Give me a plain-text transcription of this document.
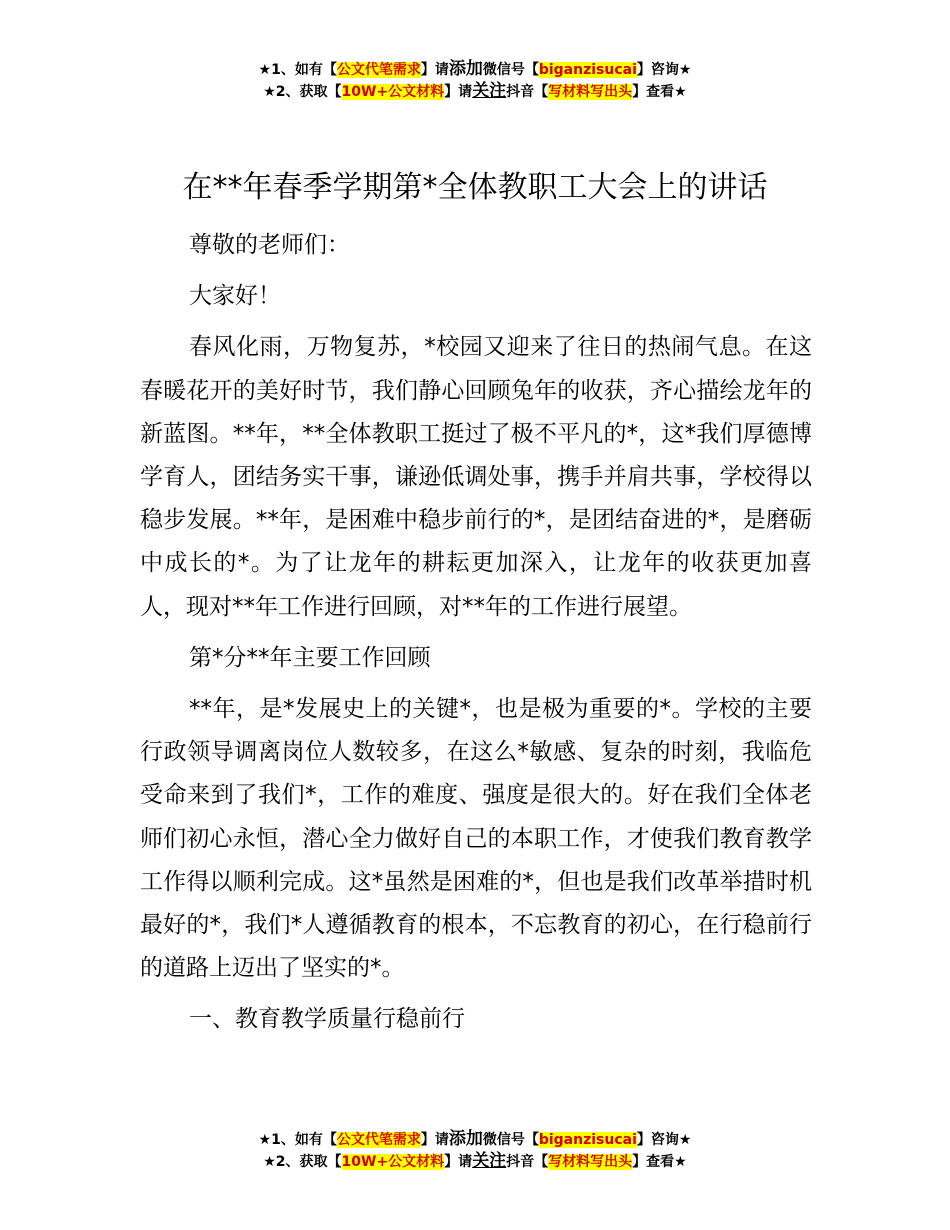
★1、如有【公文代笔需求】请添加微信号【biganzisucai】咨询★
★2、获取【10W+公文材料】请关注抖音【写材料写出头】查看★
在**年春季学期第*全体教职工大会上的讲话

尊敬的老师们：

大家好！

春风化雨，万物复苏，*校园又迎来了往日的热闹气息。在这春暖花开的美好时节，我们静心回顾兔年的收获，齐心描绘龙年的新蓝图。**年，**全体教职工挺过了极不平凡的*，这*我们厚德博学育人，团结务实干事，谦逊低调处事，携手并肩共事，学校得以稳步发展。**年，是困难中稳步前行的*，是团结奋进的*，是磨砺中成长的*。为了让龙年的耕耘更加深入，让龙年的收获更加喜人，现对**年工作进行回顾，对**年的工作进行展望。

第*分**年主要工作回顾

**年，是*发展史上的关键*，也是极为重要的*。学校的主要行政领导调离岗位人数较多，在这么*敏感、复杂的时刻，我临危受命来到了我们*，工作的难度、强度是很大的。好在我们全体老师们初心永恒，潜心全力做好自己的本职工作，才使我们教育教学工作得以顺利完成。这*虽然是困难的*，但也是我们改革举措时机最好的*，我们*人遵循教育的根本，不忘教育的初心，在行稳前行的道路上迈出了坚实的*。

一、教育教学质量行稳前行

★1、如有【公文代笔需求】请添加微信号【biganzisucai】咨询★
★2、获取【10W+公文材料】请关注抖音【写材料写出头】查看★
